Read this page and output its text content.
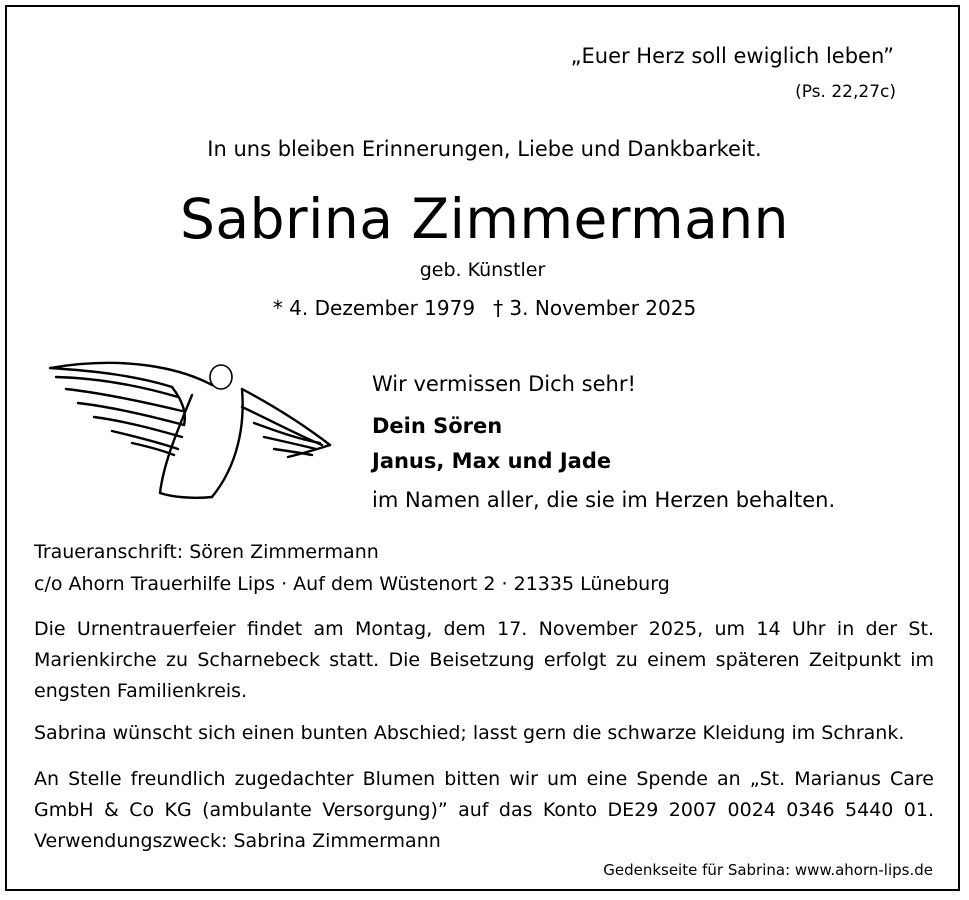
„Euer Herz soll ewiglich leben”
(Ps. 22,27c)
In uns bleiben Erinnerungen, Liebe und Dankbarkeit.
Sabrina Zimmermann
geb. Künstler
* 4. Dezember 1979 † 3. November 2025
Wir vermissen Dich sehr!
Dein Sören
Janus, Max und Jade
im Namen aller, die sie im Herzen behalten.
Traueranschrift: Sören Zimmermann
c/o Ahorn Trauerhilfe Lips · Auf dem Wüstenort 2 · 21335 Lüneburg
Die Urnentrauerfeier findet am Montag, dem 17. November 2025, um 14 Uhr in der St. Marienkirche zu Scharnebeck statt. Die Beisetzung erfolgt zu einem späteren Zeitpunkt im engsten Familienkreis.
Sabrina wünscht sich einen bunten Abschied; lasst gern die schwarze Kleidung im Schrank.
An Stelle freundlich zugedachter Blumen bitten wir um eine Spende an „St. Marianus Care GmbH & Co KG (ambulante Versorgung)” auf das Konto DE29 2007 0024 0346 5440 01. Verwendungszweck: Sabrina Zimmermann
Gedenkseite für Sabrina: www.ahorn-lips.de
